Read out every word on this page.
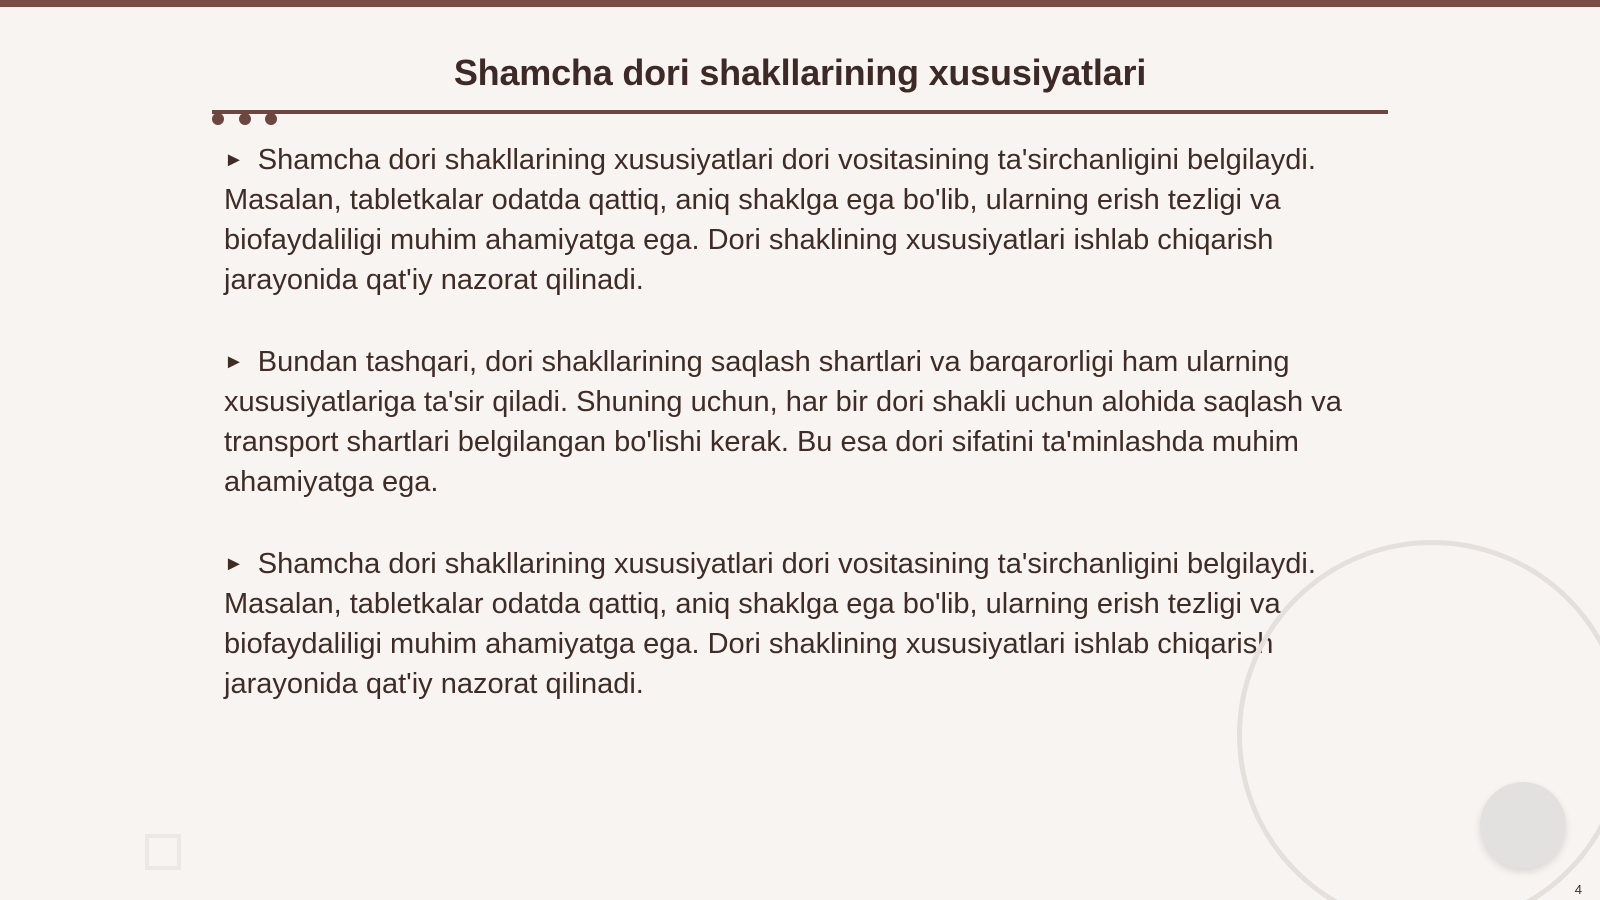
Shamcha dori shakllarining xususiyatlari

► Shamcha dori shakllarining xususiyatlari dori vositasining ta'sirchanligini belgilaydi. Masalan, tabletkalar odatda qattiq, aniq shaklga ega bo'lib, ularning erish tezligi va biofaydaliligi muhim ahamiyatga ega. Dori shaklining xususiyatlari ishlab chiqarish jarayonida qat'iy nazorat qilinadi.

► Bundan tashqari, dori shakllarining saqlash shartlari va barqarorligi ham ularning xususiyatlariga ta'sir qiladi. Shuning uchun, har bir dori shakli uchun alohida saqlash va transport shartlari belgilangan bo'lishi kerak. Bu esa dori sifatini ta'minlashda muhim ahamiyatga ega.

► Shamcha dori shakllarining xususiyatlari dori vositasining ta'sirchanligini belgilaydi. Masalan, tabletkalar odatda qattiq, aniq shaklga ega bo'lib, ularning erish tezligi va biofaydaliligi muhim ahamiyatga ega. Dori shaklining xususiyatlari ishlab chiqarish jarayonida qat'iy nazorat qilinadi.

4
